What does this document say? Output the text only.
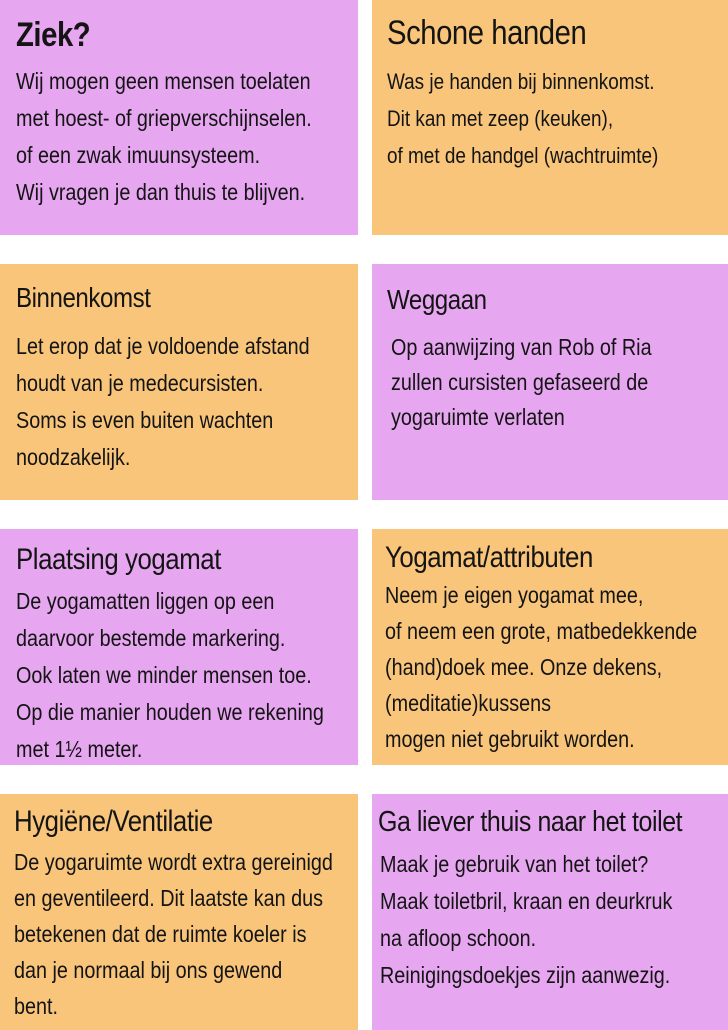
Ziek?
Wij mogen geen mensen toelaten
met hoest- of griepverschijnselen.
of een zwak imuunsysteem.
Wij vragen je dan thuis te blijven.
Schone handen
Was je handen bij binnenkomst.
Dit kan met zeep (keuken),
of met de handgel (wachtruimte)
Binnenkomst
Let erop dat je voldoende afstand
houdt van je medecursisten.
Soms is even buiten wachten
noodzakelijk.
Weggaan
Op aanwijzing van Rob of Ria
zullen cursisten gefaseerd de
yogaruimte verlaten
Plaatsing yogamat
De yogamatten liggen op een
daarvoor bestemde markering.
Ook laten we minder mensen toe.
Op die manier houden we rekening
met 1½ meter.
Yogamat/attributen
Neem je eigen yogamat mee,
of neem een grote, matbedekkende
(hand)doek mee. Onze dekens,
(meditatie)kussens
mogen niet gebruikt worden.
Hygiëne/Ventilatie
De yogaruimte wordt extra gereinigd
en geventileerd. Dit laatste kan dus
betekenen dat de ruimte koeler is
dan je normaal bij ons gewend
bent.
Ga liever thuis naar het toilet
Maak je gebruik van het toilet?
Maak toiletbril, kraan en deurkruk
na afloop schoon.
Reinigingsdoekjes zijn aanwezig.
